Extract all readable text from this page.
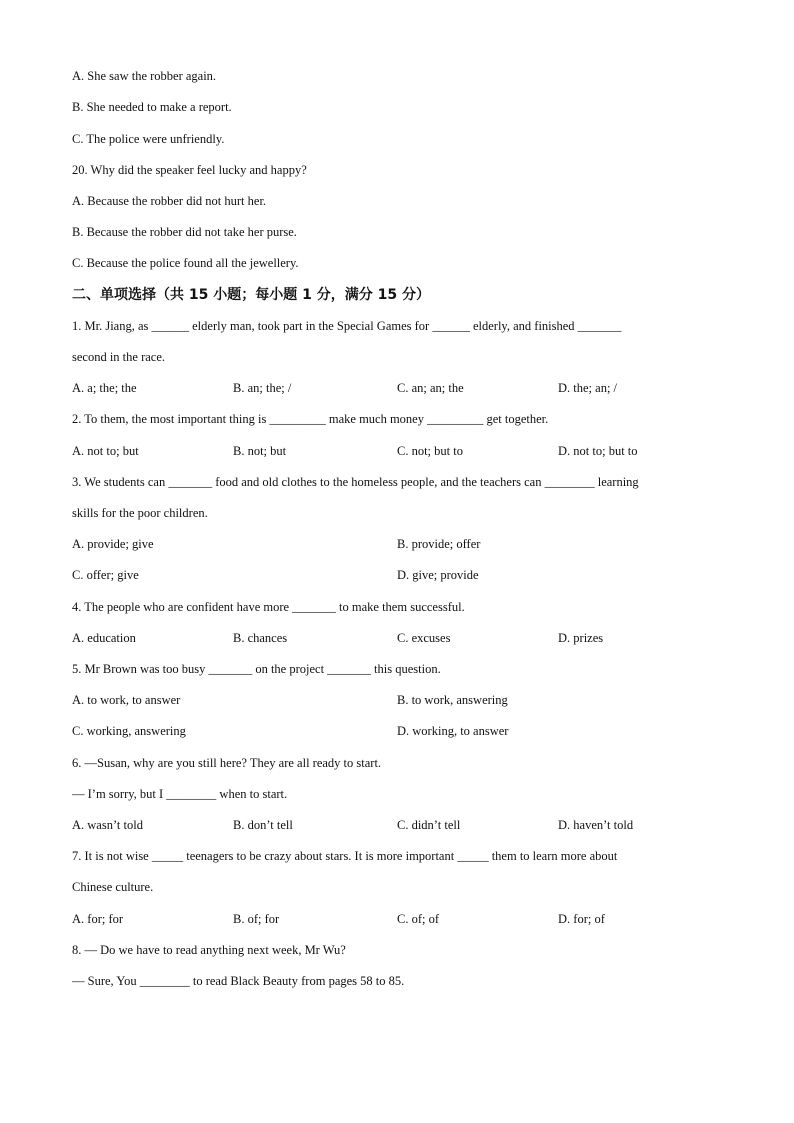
A. She saw the robber again.
B. She needed to make a report.
C. The police were unfriendly.
20. Why did the speaker feel lucky and happy?
A. Because the robber did not hurt her.
B. Because the robber did not take her purse.
C. Because the police found all the jewellery.
二、单项选择（共 15 小题；每小题 1 分，满分 15 分）
1. Mr. Jiang, as ______ elderly man, took part in the Special Games for ______ elderly, and finished _______
second in the race.
A. a; the; the	B. an; the; /	C. an; an; the	D. the; an; /
2. To them, the most important thing is _________ make much money _________ get together.
A. not to; but	B. not; but	C. not; but to	D. not to; but to
3. We students can _______ food and old clothes to the homeless people, and the teachers can ________ learning
skills for the poor children.
A. provide; give	B. provide; offer
C. offer; give	D. give; provide
4. The people who are confident have more _______ to make them successful.
A. education	B. chances	C. excuses	D. prizes
5. Mr Brown was too busy _______ on the project _______ this question.
A. to work, to answer	B. to work, answering
C. working, answering	D. working, to answer
6. —Susan, why are you still here? They are all ready to start.
— I’m sorry, but I ________ when to start.
A. wasn’t told	B. don’t tell	C. didn’t tell	D. haven’t told
7. It is not wise _____ teenagers to be crazy about stars. It is more important _____ them to learn more about
Chinese culture.
A. for; for	B. of; for	C. of; of	D. for; of
8. — Do we have to read anything next week, Mr Wu?
— Sure, You ________ to read Black Beauty from pages 58 to 85.
